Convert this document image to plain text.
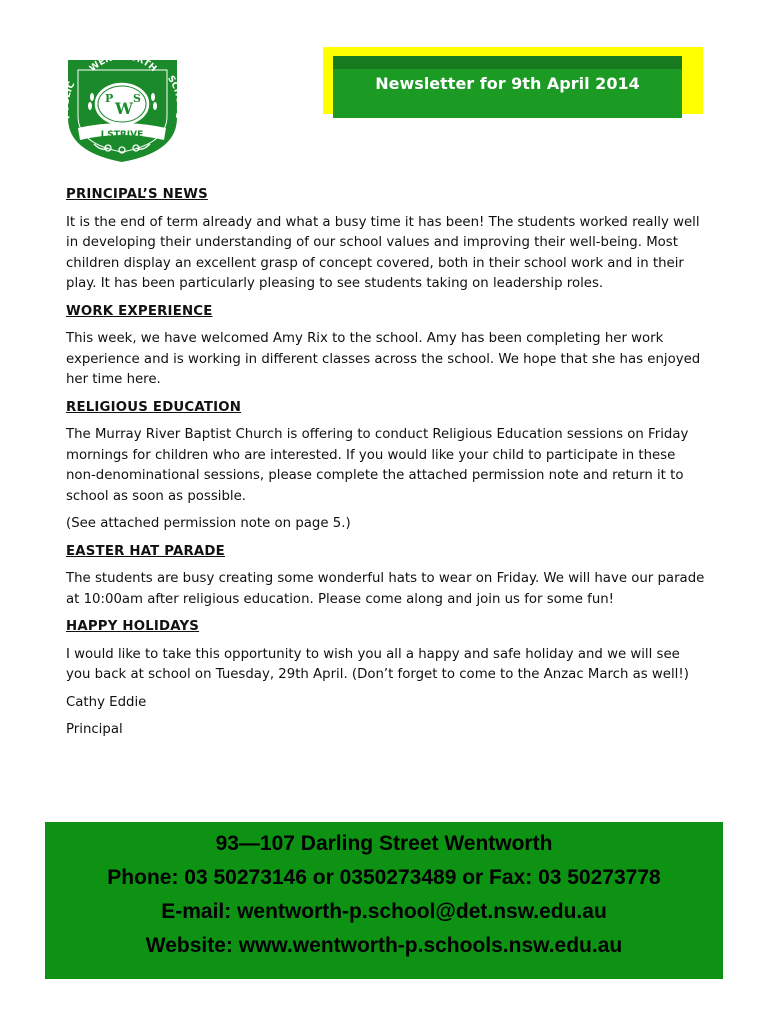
WENTWORTH
PUBLIC
SCHOOL
P
W
S
I STRIVE
Newsletter for 9th April 2014
PRINCIPAL’S NEWS
It is the end of term already and what a busy time it has been! The students worked really well in developing their understanding of our school values and improving their well-being. Most children display an excellent grasp of concept covered, both in their school work and in their play. It has been particularly pleasing to see students taking on leadership roles.
WORK EXPERIENCE
This week, we have welcomed Amy Rix to the school. Amy has been completing her work experience and is working in different classes across the school. We hope that she has enjoyed her time here.
RELIGIOUS EDUCATION
The Murray River Baptist Church is offering to conduct Religious Education sessions on Friday mornings for children who are interested. If you would like your child to participate in these non-denominational sessions, please complete the attached permission note and return it to school as soon as possible.
(See attached permission note on page 5.)
EASTER HAT PARADE
The students are busy creating some wonderful hats to wear on Friday. We will have our parade at 10:00am after religious education. Please come along and join us for some fun!
HAPPY HOLIDAYS
I would like to take this opportunity to wish you all a happy and safe holiday and we will see you back at school on Tuesday, 29th April. (Don’t forget to come to the Anzac March as well!)
Cathy Eddie
Principal
93—107 Darling Street Wentworth
Phone: 03 50273146 or 0350273489 or Fax: 03 50273778
E-mail: wentworth-p.school@det.nsw.edu.au
Website: www.wentworth-p.schools.nsw.edu.au
